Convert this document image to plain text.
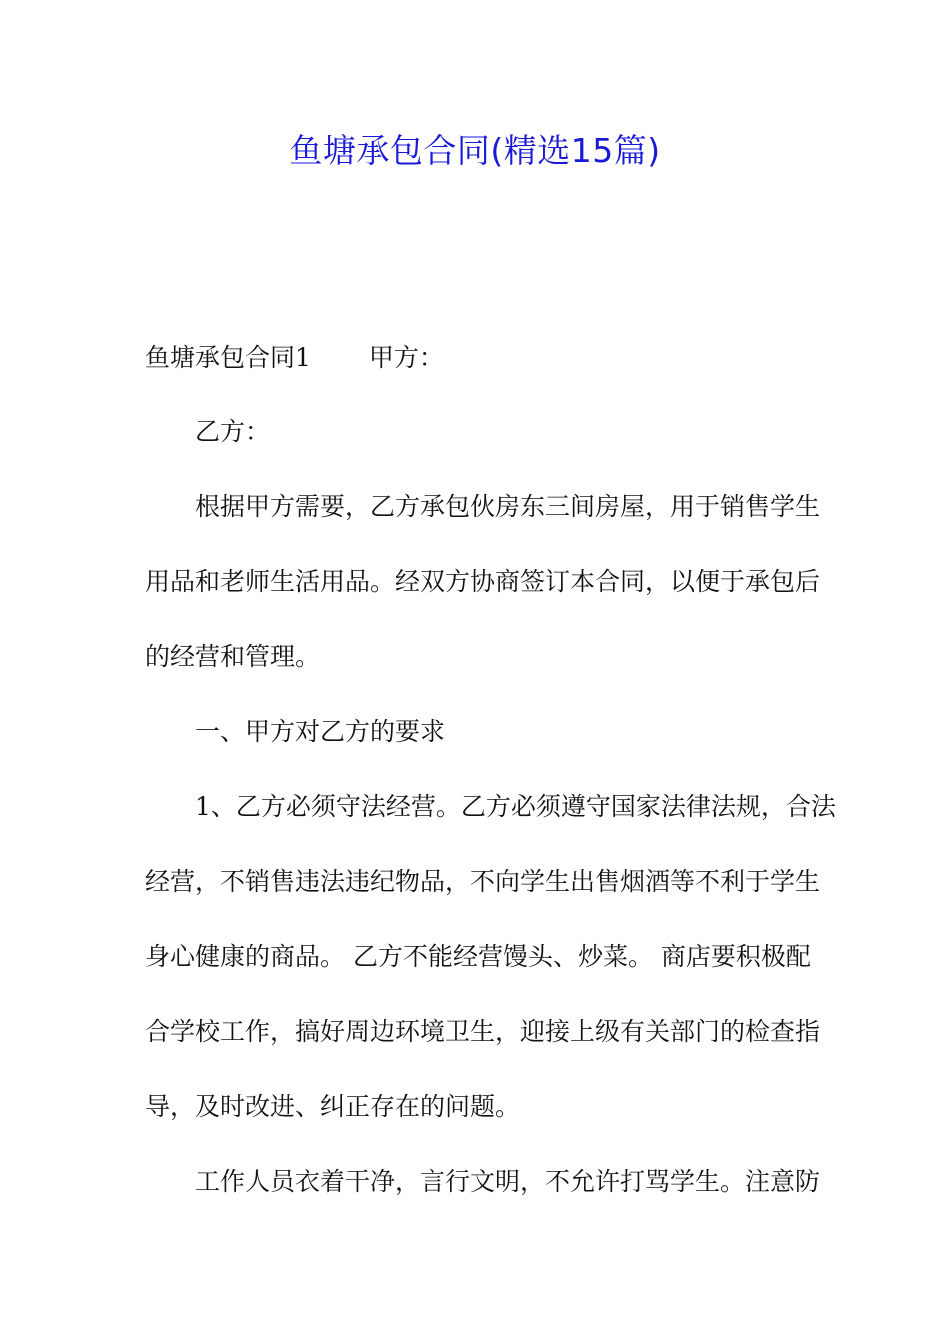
鱼塘承包合同(精选15篇)
鱼塘承包合同1 甲方：
乙方：
根据甲方需要，乙方承包伙房东三间房屋，用于销售学生
用品和老师生活用品。经双方协商签订本合同，以便于承包后
的经营和管理。
一、甲方对乙方的要求
1、乙方必须守法经营。乙方必须遵守国家法律法规，合法
经营，不销售违法违纪物品，不向学生出售烟酒等不利于学生
身心健康的商品。 乙方不能经营馒头、炒菜。 商店要积极配
合学校工作，搞好周边环境卫生，迎接上级有关部门的检查指
导，及时改进、纠正存在的问题。
工作人员衣着干净，言行文明，不允许打骂学生。注意防
